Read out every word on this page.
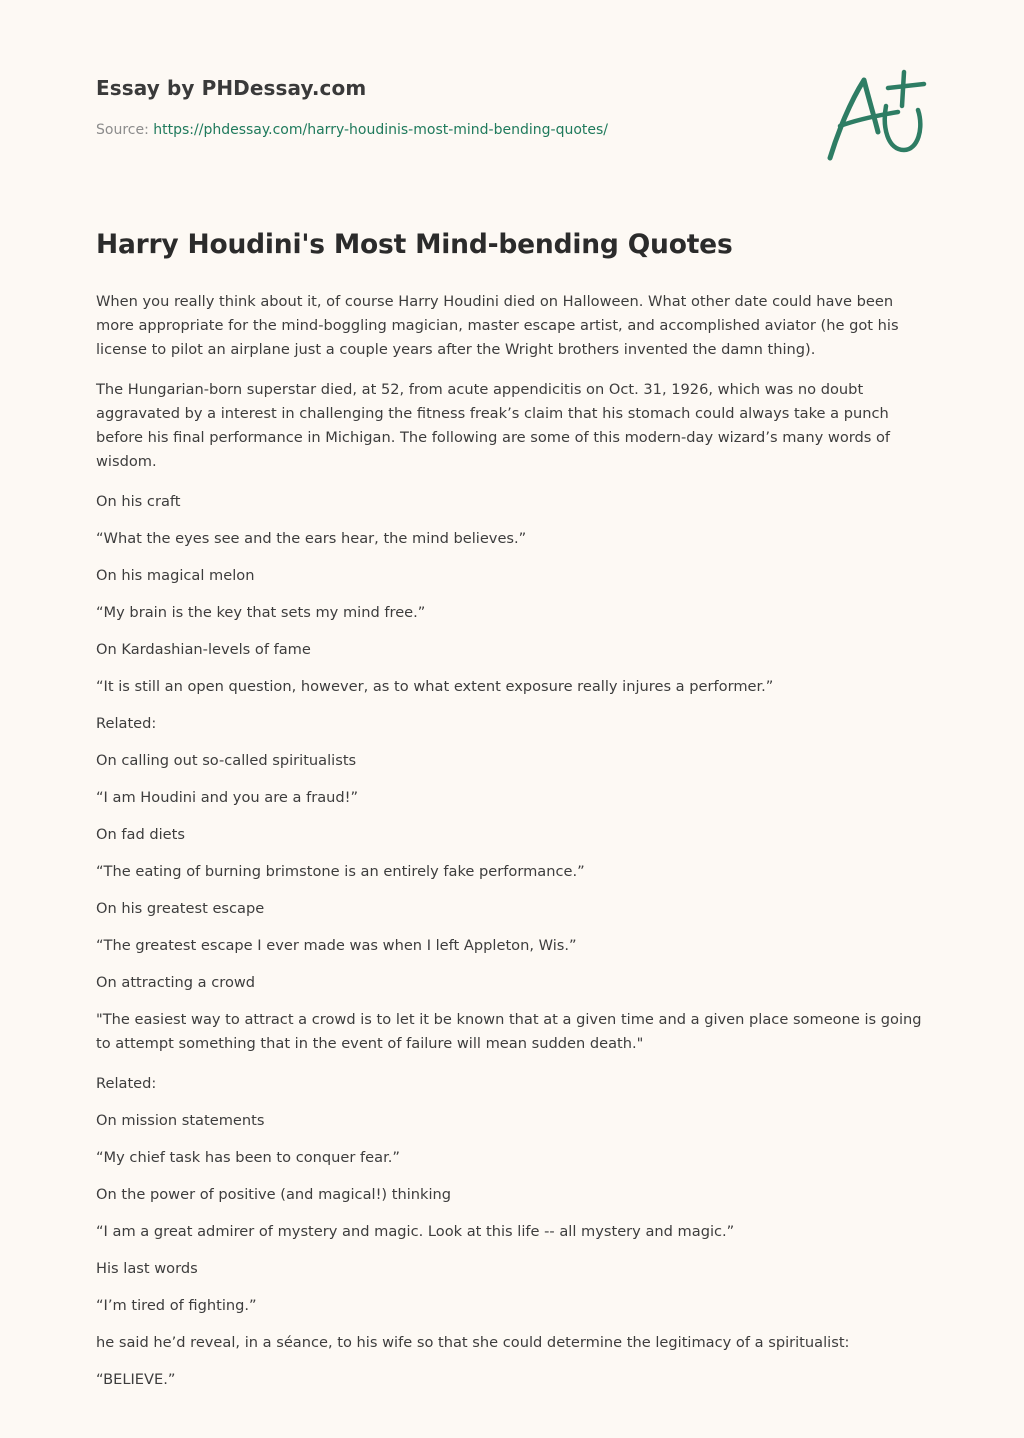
Essay by PHDessay.com

Source: https://phdessay.com/harry-houdinis-most-mind-bending-quotes/
Harry Houdini's Most Mind-bending Quotes

When you really think about it, of course Harry Houdini died on Halloween. What other date could have been more appropriate for the mind-boggling magician, master escape artist, and accomplished aviator (he got his license to pilot an airplane just a couple years after the Wright brothers invented the damn thing).

The Hungarian-born superstar died, at 52, from acute appendicitis on Oct. 31, 1926, which was no doubt aggravated by a interest in challenging the fitness freak’s claim that his stomach could always take a punch before his final performance in Michigan. The following are some of this modern-day wizard’s many words of wisdom.

On his craft

“What the eyes see and the ears hear, the mind believes.”

On his magical melon

“My brain is the key that sets my mind free.”

On Kardashian-levels of fame

“It is still an open question, however, as to what extent exposure really injures a performer.”

Related:

On calling out so-called spiritualists

“I am Houdini and you are a fraud!”

On fad diets

“The eating of burning brimstone is an entirely fake performance.”

On his greatest escape

“The greatest escape I ever made was when I left Appleton, Wis.”

On attracting a crowd

"The easiest way to attract a crowd is to let it be known that at a given time and a given place someone is going to attempt something that in the event of failure will mean sudden death."

Related:

On mission statements

“My chief task has been to conquer fear.”

On the power of positive (and magical!) thinking

“I am a great admirer of mystery and magic. Look at this life -- all mystery and magic.”

His last words

“I’m tired of fighting.”

he said he’d reveal, in a séance, to his wife so that she could determine the legitimacy of a spiritualist:

“BELIEVE.”
